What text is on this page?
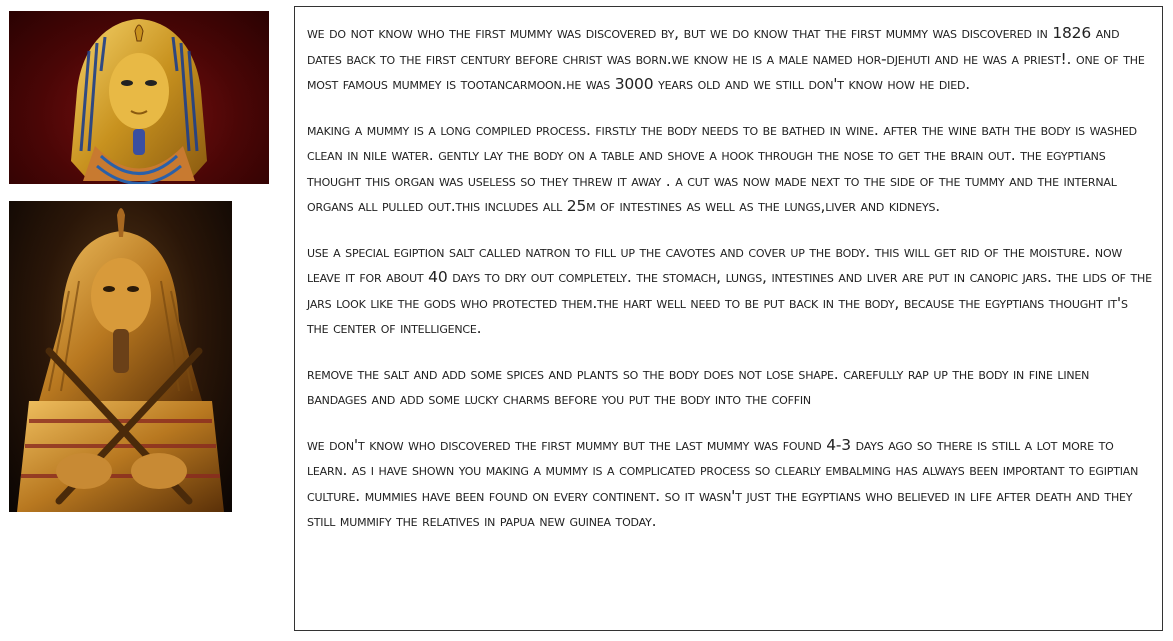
we do not know who the first mummy was discovered by, but we do know that the first mummy was discovered in 1826 and dates back to the first century before christ was born.we know he is a male named hor-djehuti and he was a priest!. one of the most famous mummey is tootancarmoon.he was 3000 years old and we still don't know how he died.

making a mummy is a long compiled process. firstly the body needs to be bathed in wine. after the wine bath the body is washed clean in nile water. gently lay the body on a table and shove a hook through the nose to get the brain out. the egyptians thought this organ was useless so they threw it away . a cut was now made next to the side of the tummy and the internal organs all pulled out.this includes all 25m of intestines as well as the lungs,liver and kidneys.

use a special egiption salt called natron to fill up the cavotes and cover up the body. this will get rid of the moisture. now leave it for about 40 days to dry out completely. the stomach, lungs, intestines and liver are put in canopic jars. the lids of the jars look like the gods who protected them.the hart well need to be put back in the body, because the egyptians thought it's the center of intelligence.

remove the salt and add some spices and plants so the body does not lose shape. carefully rap up the body in fine linen bandages and add some lucky charms before you put the body into the coffin

we don't know who discovered the first mummy but the last mummy was found 4-3 days ago so there is still a lot more to learn. as i have shown you making a mummy is a complicated process so clearly embalming has always been important to egiptian culture. mummies have been found on every continent. so it wasn't just the egyptians who believed in life after death and they still mummify the relatives in papua new guinea today.
